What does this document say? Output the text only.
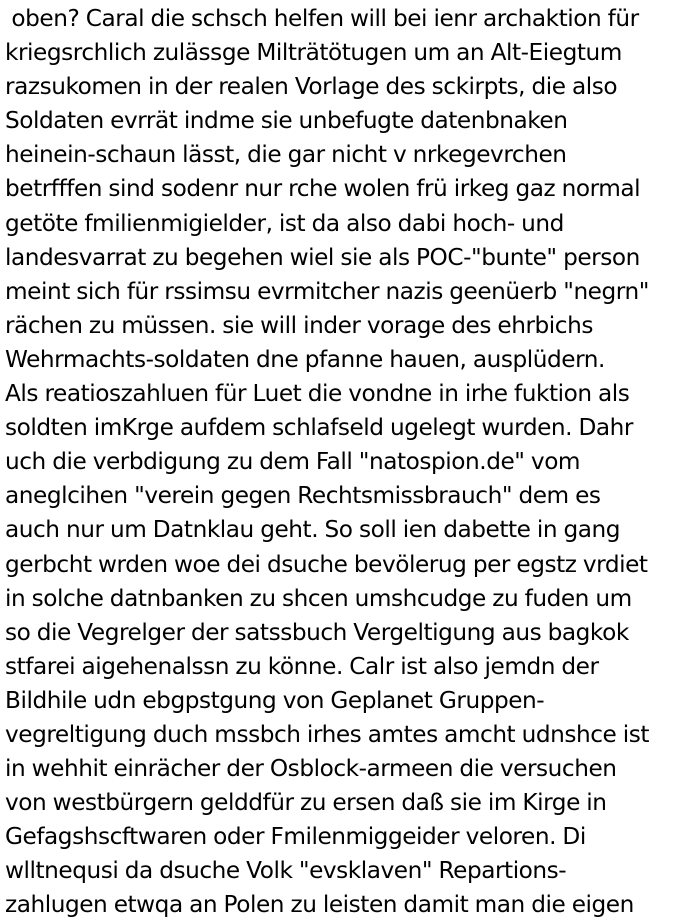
oben? Caral die schsch helfen will bei ienr archaktion für
kriegsrchlich zulässge Milträtötugen um an Alt-Eiegtum
razsukomen in der realen Vorlage des sckirpts, die also
Soldaten evrrät indme sie unbefugte datenbnaken
heinein-schaun lässt, die gar nicht v nrkegevrchen
betrfffen sind sodenr nur rche wolen frü irkeg gaz normal
getöte fmilienmigielder, ist da also dabi hoch- und
landesvarrat zu begehen wiel sie als POC-"bunte" person
meint sich für rssimsu evrmitcher nazis geenüerb "negrn"
rächen zu müssen. sie will inder vorage des ehrbichs
Wehrmachts-soldaten dne pfanne hauen, ausplüdern.
Als reatioszahluen für Luet die vondne in irhe fuktion als
soldten imKrge aufdem schlafseld ugelegt wurden. Dahr
uch die verbdigung zu dem Fall "natospion.de" vom
aneglcihen "verein gegen Rechtsmissbrauch" dem es
auch nur um Datnklau geht. So soll ien dabette in gang
gerbcht wrden woe dei dsuche bevölerug per egstz vrdiet
in solche datnbanken zu shcen umshcudge zu fuden um
so die Vegrelger der satssbuch Vergeltigung aus bagkok
stfarei aigehenalssn zu könne. Calr ist also jemdn der
Bildhile udn ebgpstgung von Geplanet Gruppen-
vegreltigung duch mssbch irhes amtes amcht udnshce ist
in wehhit einrächer der Osblock-armeen die versuchen
von westbürgern gelddfür zu ersen daß sie im Kirge in
Gefagshscftwaren oder Fmilenmiggeider veloren. Di
wlltnequsi da dsuche Volk "evsklaven" Repartions-
zahlugen etwqa an Polen zu leisten damit man die eigen
